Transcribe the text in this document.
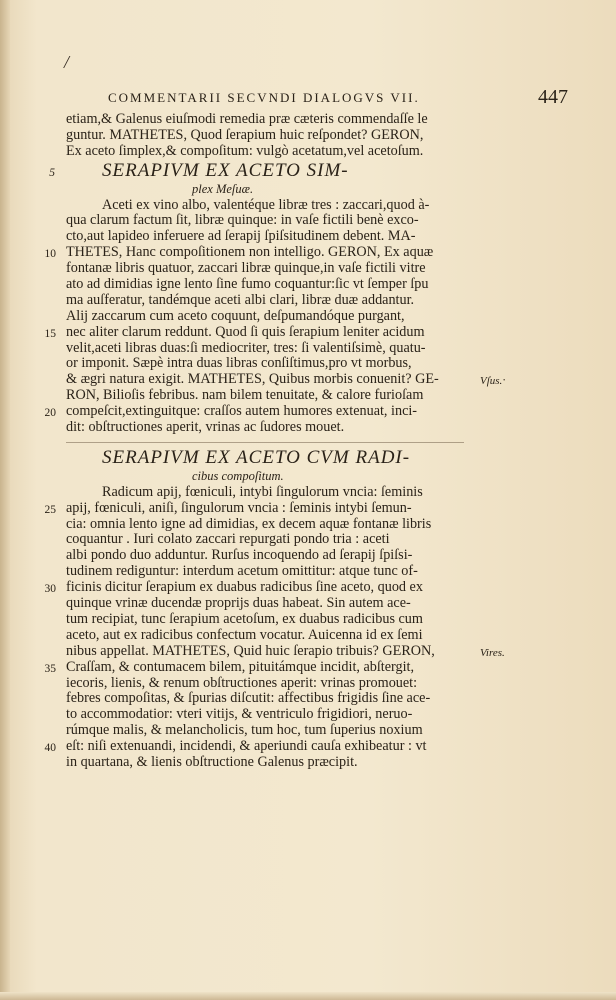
/
COMMENTARII SECVNDI DIALOGVS VII.	447
·
etiam,& Galenus eiuſmodi remedia præ cæteris commendaſſe le
guntur. MATHETES, Quod ſerapium huic reſpondet? GERON,
Ex aceto ſimplex,& compoſitum: vulgò acetatum,vel acetoſum.
SERAPIVM EX ACETO SIM-
5
plex Meſuæ.
Aceti ex vino albo, valentéque libræ tres : zaccari,quod à-
qua clarum factum ſit, libræ quinque: in vaſe fictili benè exco-
cto,aut lapideo inferuere ad ſerapij ſpiſsitudinem debent. MA-
THETES, Hanc compoſitionem non intelligo. GERON, Ex aquæ
10
fontanæ libris quatuor, zaccari libræ quinque,in vaſe fictili vitre
ato ad dimidias igne lento ſine fumo coquantur:ſic vt ſemper ſpu
ma auſferatur, tandémque aceti albi clari, libræ duæ addantur.
Alij zaccarum cum aceto coquunt, deſpumandóque purgant,
nec aliter clarum reddunt. Quod ſi quis ſerapium leniter acidum
15
velit,aceti libras duas:ſi mediocriter, tres: ſi valentiſsimè, quatu-
or imponit. Sæpè intra duas libras conſiſtimus,pro vt morbus,
& ægri natura exigit. MATHETES, Quibus morbis conuenit? GE-	Vſus.
RON, Bilioſis febribus. nam bilem tenuitate, & calore furioſam
compeſcit,extinguitque: craſſos autem humores extenuat, inci-
20
dit: obſtructiones aperit, vrinas ac ſudores mouet.
SERAPIVM EX ACETO CVM RADI-
cibus compoſitum.
Radicum apij, fœniculi, intybi ſingulorum vncia: ſeminis
apij, fœniculi, aniſi, ſingulorum vncia : ſeminis intybi ſemun-
25
cia: omnia lento igne ad dimidias, ex decem aquæ fontanæ libris
coquantur . Iuri colato zaccari repurgati pondo tria : aceti
albi pondo duo adduntur. Rurſus incoquendo ad ſerapij ſpiſsi-
tudinem rediguntur: interdum acetum omittitur: atque tunc of-
ficinis dicitur ſerapium ex duabus radicibus ſine aceto, quod ex
30
quinque vrinæ ducendæ proprijs duas habeat. Sin autem ace-
tum recipiat, tunc ſerapium acetoſum, ex duabus radicibus cum
aceto, aut ex radicibus confectum vocatur. Auicenna id ex ſemi
nibus appellat. MATHETES, Quid huic ſerapio tribuis? GERON,	Vires.
Craſſam, & contumacem bilem, pituitámque incidit, abſtergit,
35
iecoris, lienis, & renum obſtructiones aperit: vrinas promouet:
febres compoſitas, & ſpurias diſcutit: affectibus frigidis ſine ace-
to accommodatior: vteri vitijs, & ventriculo frigidiori, neruo-
rúmque malis, & melancholicis, tum hoc, tum ſuperius noxium
eſt: niſi extenuandi, incidendi, & aperiundi cauſa exhibeatur : vt
40
in quartana, & lienis obſtructione Galenus præcipit.
